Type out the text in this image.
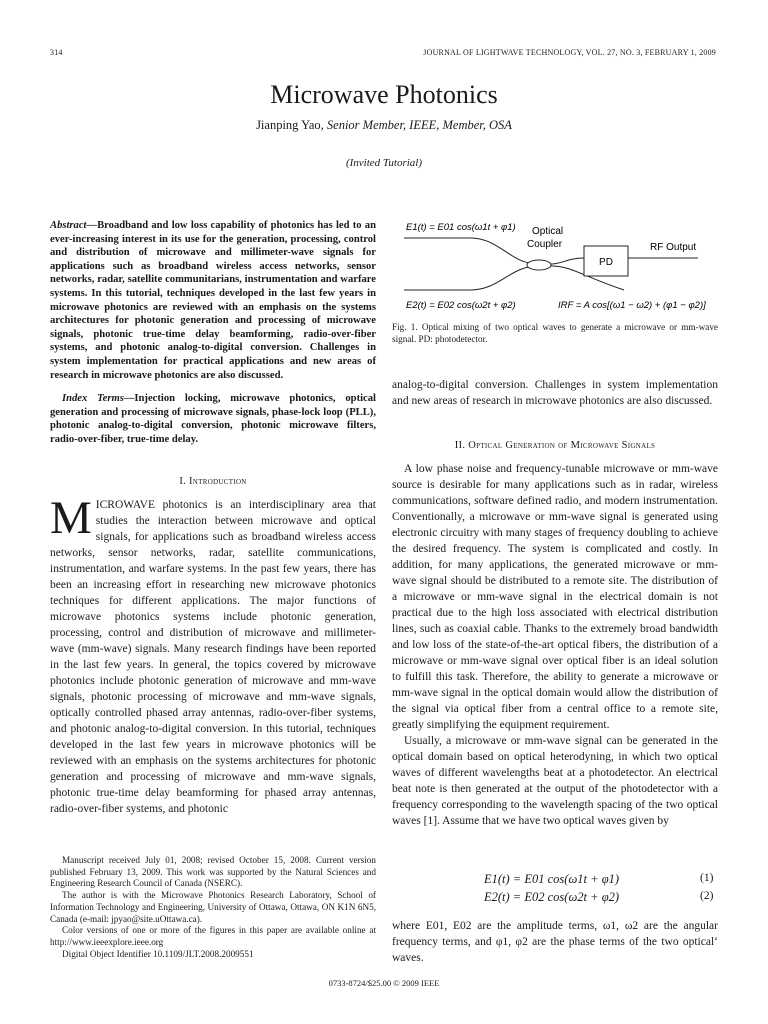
314	JOURNAL OF LIGHTWAVE TECHNOLOGY, VOL. 27, NO. 3, FEBRUARY 1, 2009
Microwave Photonics
Jianping Yao, Senior Member, IEEE, Member, OSA
(Invited Tutorial)
Abstract—Broadband and low loss capability of photonics has led to an ever-increasing interest in its use for the generation, processing, control and distribution of microwave and millimeter-wave signals for applications such as broadband wireless access networks, sensor networks, radar, satellite communitarians, instrumentation and warfare systems. In this tutorial, techniques developed in the last few years in microwave photonics are reviewed with an emphasis on the systems architectures for photonic generation and processing of microwave signals, photonic true-time delay beamforming, radio-over-fiber systems, and photonic analog-to-digital conversion. Challenges in system implementation for practical applications and new areas of research in microwave photonics are also discussed.
Index Terms—Injection locking, microwave photonics, optical generation and processing of microwave signals, phase-lock loop (PLL), photonic analog-to-digital conversion, photonic microwave filters, radio-over-fiber, true-time delay.
I. Introduction
MICROWAVE photonics is an interdisciplinary area that studies the interaction between microwave and optical signals, for applications such as broadband wireless access networks, sensor networks, radar, satellite communications, instrumentation, and warfare systems. In the past few years, there has been an increasing effort in researching new microwave photonics techniques for different applications. The major functions of microwave photonics systems include photonic generation, processing, control and distribution of microwave and millimeter-wave (mm-wave) signals. Many research findings have been reported in the last few years. In general, the topics covered by microwave photonics include photonic generation of microwave and mm-wave signals, photonic processing of microwave and mm-wave signals, optically controlled phased array antennas, radio-over-fiber systems, and photonic analog-to-digital conversion. In this tutorial, techniques developed in the last few years in microwave photonics will be reviewed with an emphasis on the systems architectures for photonic generation and processing of microwave and mm-wave signals, photonic true-time delay beamforming for phased array antennas, radio-over-fiber systems, and photonic

Manuscript received July 01, 2008; revised October 15, 2008. Current version published February 13, 2009. This work was supported by the Natural Sciences and Engineering Research Council of Canada (NSERC).

The author is with the Microwave Photonics Research Laboratory, School of Information Technology and Engineering, University of Ottawa, Ottawa, ON K1N 6N5, Canada (e-mail: jpyao@site.uOttawa.ca).

Color versions of one or more of the figures in this paper are available online at http://www.ieeexplore.ieee.org

Digital Object Identifier 10.1109/JLT.2008.2009551

PD
RF Output
Optical
Coupler
E1(t) = E01 cos(ω1t + φ1)
E2(t) = E02 cos(ω2t + φ2)	IRF = A cos[(ω1 − ω2) + (φ1 − φ2)]
Fig. 1. Optical mixing of two optical waves to generate a microwave or mm-wave signal. PD: photodetector.
analog-to-digital conversion. Challenges in system implementation and new areas of research in microwave photonics are also discussed.
II. Optical Generation of Microwave Signals

A low phase noise and frequency-tunable microwave or mm-wave source is desirable for many applications such as in radar, wireless communications, software defined radio, and modern instrumentation. Conventionally, a microwave or mm-wave signal is generated using electronic circuitry with many stages of frequency doubling to achieve the desired frequency. The system is complicated and costly. In addition, for many applications, the generated microwave or mm-wave signal should be distributed to a remote site. The distribution of a microwave or mm-wave signal in the electrical domain is not practical due to the high loss associated with electrical distribution lines, such as coaxial cable. Thanks to the extremely broad bandwidth and low loss of the state-of-the-art optical fibers, the distribution of a microwave or mm-wave signal over optical fiber is an ideal solution to fulfill this task. Therefore, the ability to generate a microwave or mm-wave signal in the optical domain would allow the distribution of the signal via optical fiber from a central office to a remote site, greatly simplifying the equipment requirement.

Usually, a microwave or mm-wave signal can be generated in the optical domain based on optical heterodyning, in which two optical waves of different wavelengths beat at a photodetector. An electrical beat note is then generated at the output of the photodetector with a frequency corresponding to the wavelength spacing of the two optical waves [1]. Assume that we have two optical waves given by

E1(t) = E01 cos(ω1t + φ1)	(1)
E2(t) = E02 cos(ω2t + φ2)	(2)
where E01, E02 are the amplitude terms, ω1, ω2 are the angular frequency terms, and φ1, φ2 are the phase terms of the two optical‘ waves.
0733-8724/$25.00 © 2009 IEEE
